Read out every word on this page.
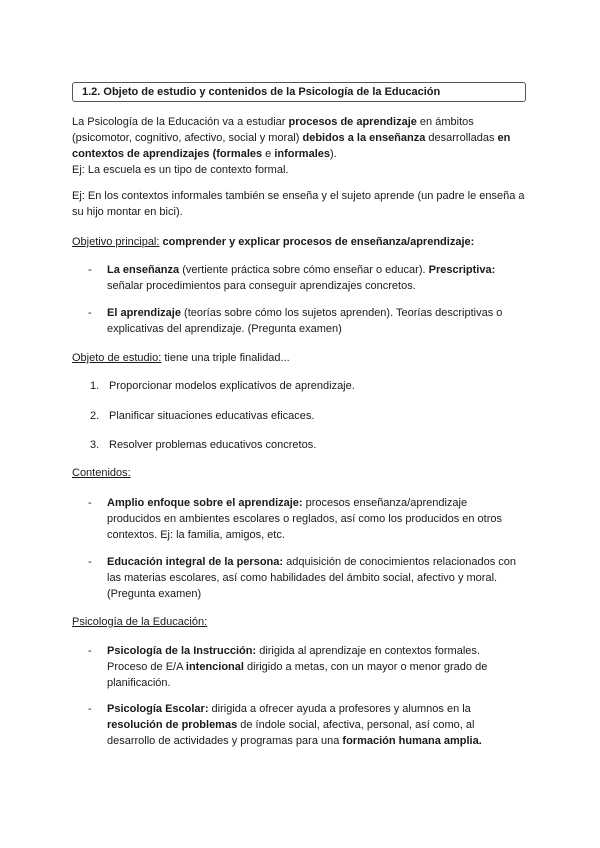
1.2. Objeto de estudio y contenidos de la Psicología de la Educación
La Psicología de la Educación va a estudiar procesos de aprendizaje en ámbitos (psicomotor, cognitivo, afectivo, social y moral) debidos a la enseñanza desarrolladas en contextos de aprendizajes (formales e informales).
Ej: La escuela es un tipo de contexto formal.
Ej: En los contextos informales también se enseña y el sujeto aprende (un padre le enseña a su hijo montar en bici).
Objetivo principal: comprender y explicar procesos de enseñanza/aprendizaje:
- La enseñanza (vertiente práctica sobre cómo enseñar o educar). Prescriptiva: señalar procedimientos para conseguir aprendizajes concretos.
- El aprendizaje (teorías sobre cómo los sujetos aprenden). Teorías descriptivas o explicativas del aprendizaje. (Pregunta examen)
Objeto de estudio: tiene una triple finalidad...
1. Proporcionar modelos explicativos de aprendizaje.
2. Planificar situaciones educativas eficaces.
3. Resolver problemas educativos concretos.
Contenidos:
- Amplio enfoque sobre el aprendizaje: procesos enseñanza/aprendizaje producidos en ambientes escolares o reglados, así como los producidos en otros contextos. Ej: la familia, amigos, etc.
- Educación integral de la persona: adquisición de conocimientos relacionados con las materias escolares, así como habilidades del ámbito social, afectivo y moral. (Pregunta examen)
Psicología de la Educación:
- Psicología de la Instrucción: dirigida al aprendizaje en contextos formales. Proceso de E/A intencional dirigido a metas, con un mayor o menor grado de planificación.
- Psicología Escolar: dirigida a ofrecer ayuda a profesores y alumnos en la resolución de problemas de índole social, afectiva, personal, así como, al desarrollo de actividades y programas para una formación humana amplia.
